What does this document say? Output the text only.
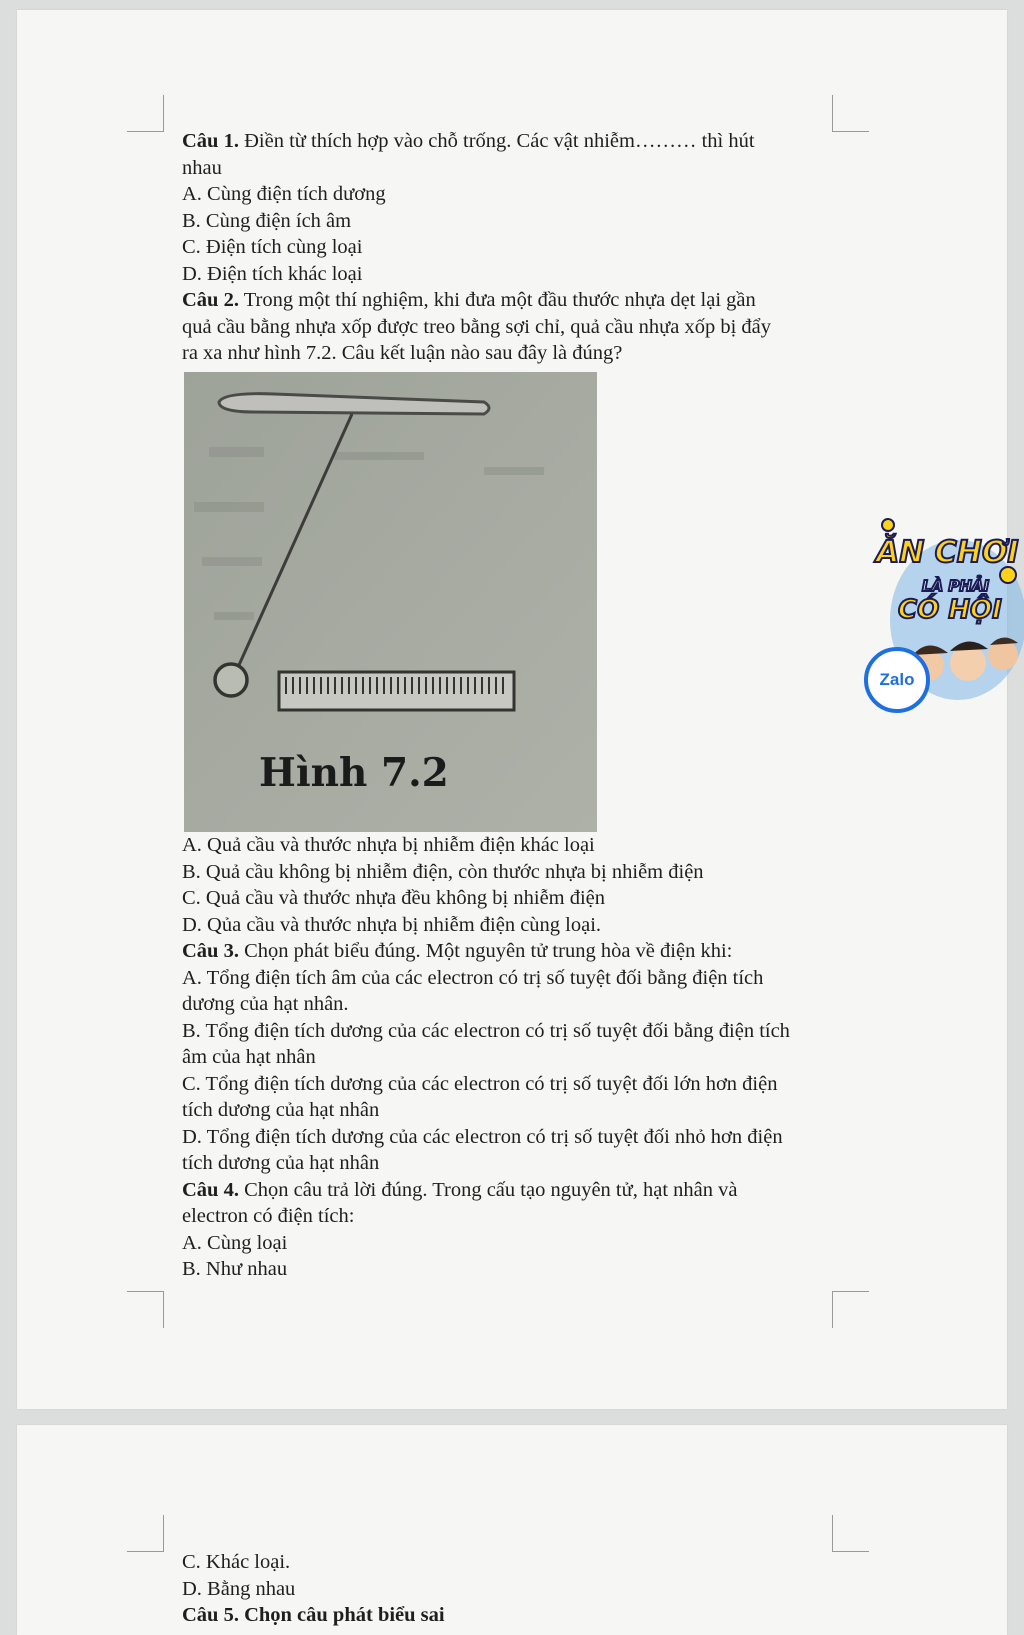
Câu 1. Điền từ thích hợp vào chỗ trống. Các vật nhiễm……… thì hút

nhau

A. Cùng điện tích dương

B. Cùng điện ích âm

C. Điện tích cùng loại

D. Điện tích khác loại

Câu 2. Trong một thí nghiệm, khi đưa một đầu thước nhựa dẹt lại gần

quả cầu bằng nhựa xốp được treo bằng sợi chỉ, quả cầu nhựa xốp bị đẩy

ra xa như hình 7.2. Câu kết luận nào sau đây là đúng?

Hình 7.2

A. Quả cầu và thước nhựa bị nhiễm điện khác loại

B. Quả cầu không bị nhiễm điện, còn thước nhựa bị nhiễm điện

C. Quả cầu và thước nhựa đều không bị nhiễm điện

D. Qủa cầu và thước nhựa bị nhiễm điện cùng loại.

Câu 3. Chọn phát biểu đúng. Một nguyên tử trung hòa về điện khi:

A. Tổng điện tích âm của các electron có trị số tuyệt đối bằng điện tích

dương của hạt nhân.

B. Tổng điện tích dương của các electron có trị số tuyệt đối bằng điện tích

âm của hạt nhân

C. Tổng điện tích dương của các electron có trị số tuyệt đối lớn hơn điện

tích dương của hạt nhân

D. Tổng điện tích dương của các electron có trị số tuyệt đối nhỏ hơn điện

tích dương của hạt nhân

Câu 4. Chọn câu trả lời đúng. Trong cấu tạo nguyên tử, hạt nhân và

electron có điện tích:

A. Cùng loại

B. Như nhau

C. Khác loại.

D. Bằng nhau

Câu 5. Chọn câu phát biểu sai

ĂN CHƠI
LÀ PHẢI
CÓ HỘI
Zalo
